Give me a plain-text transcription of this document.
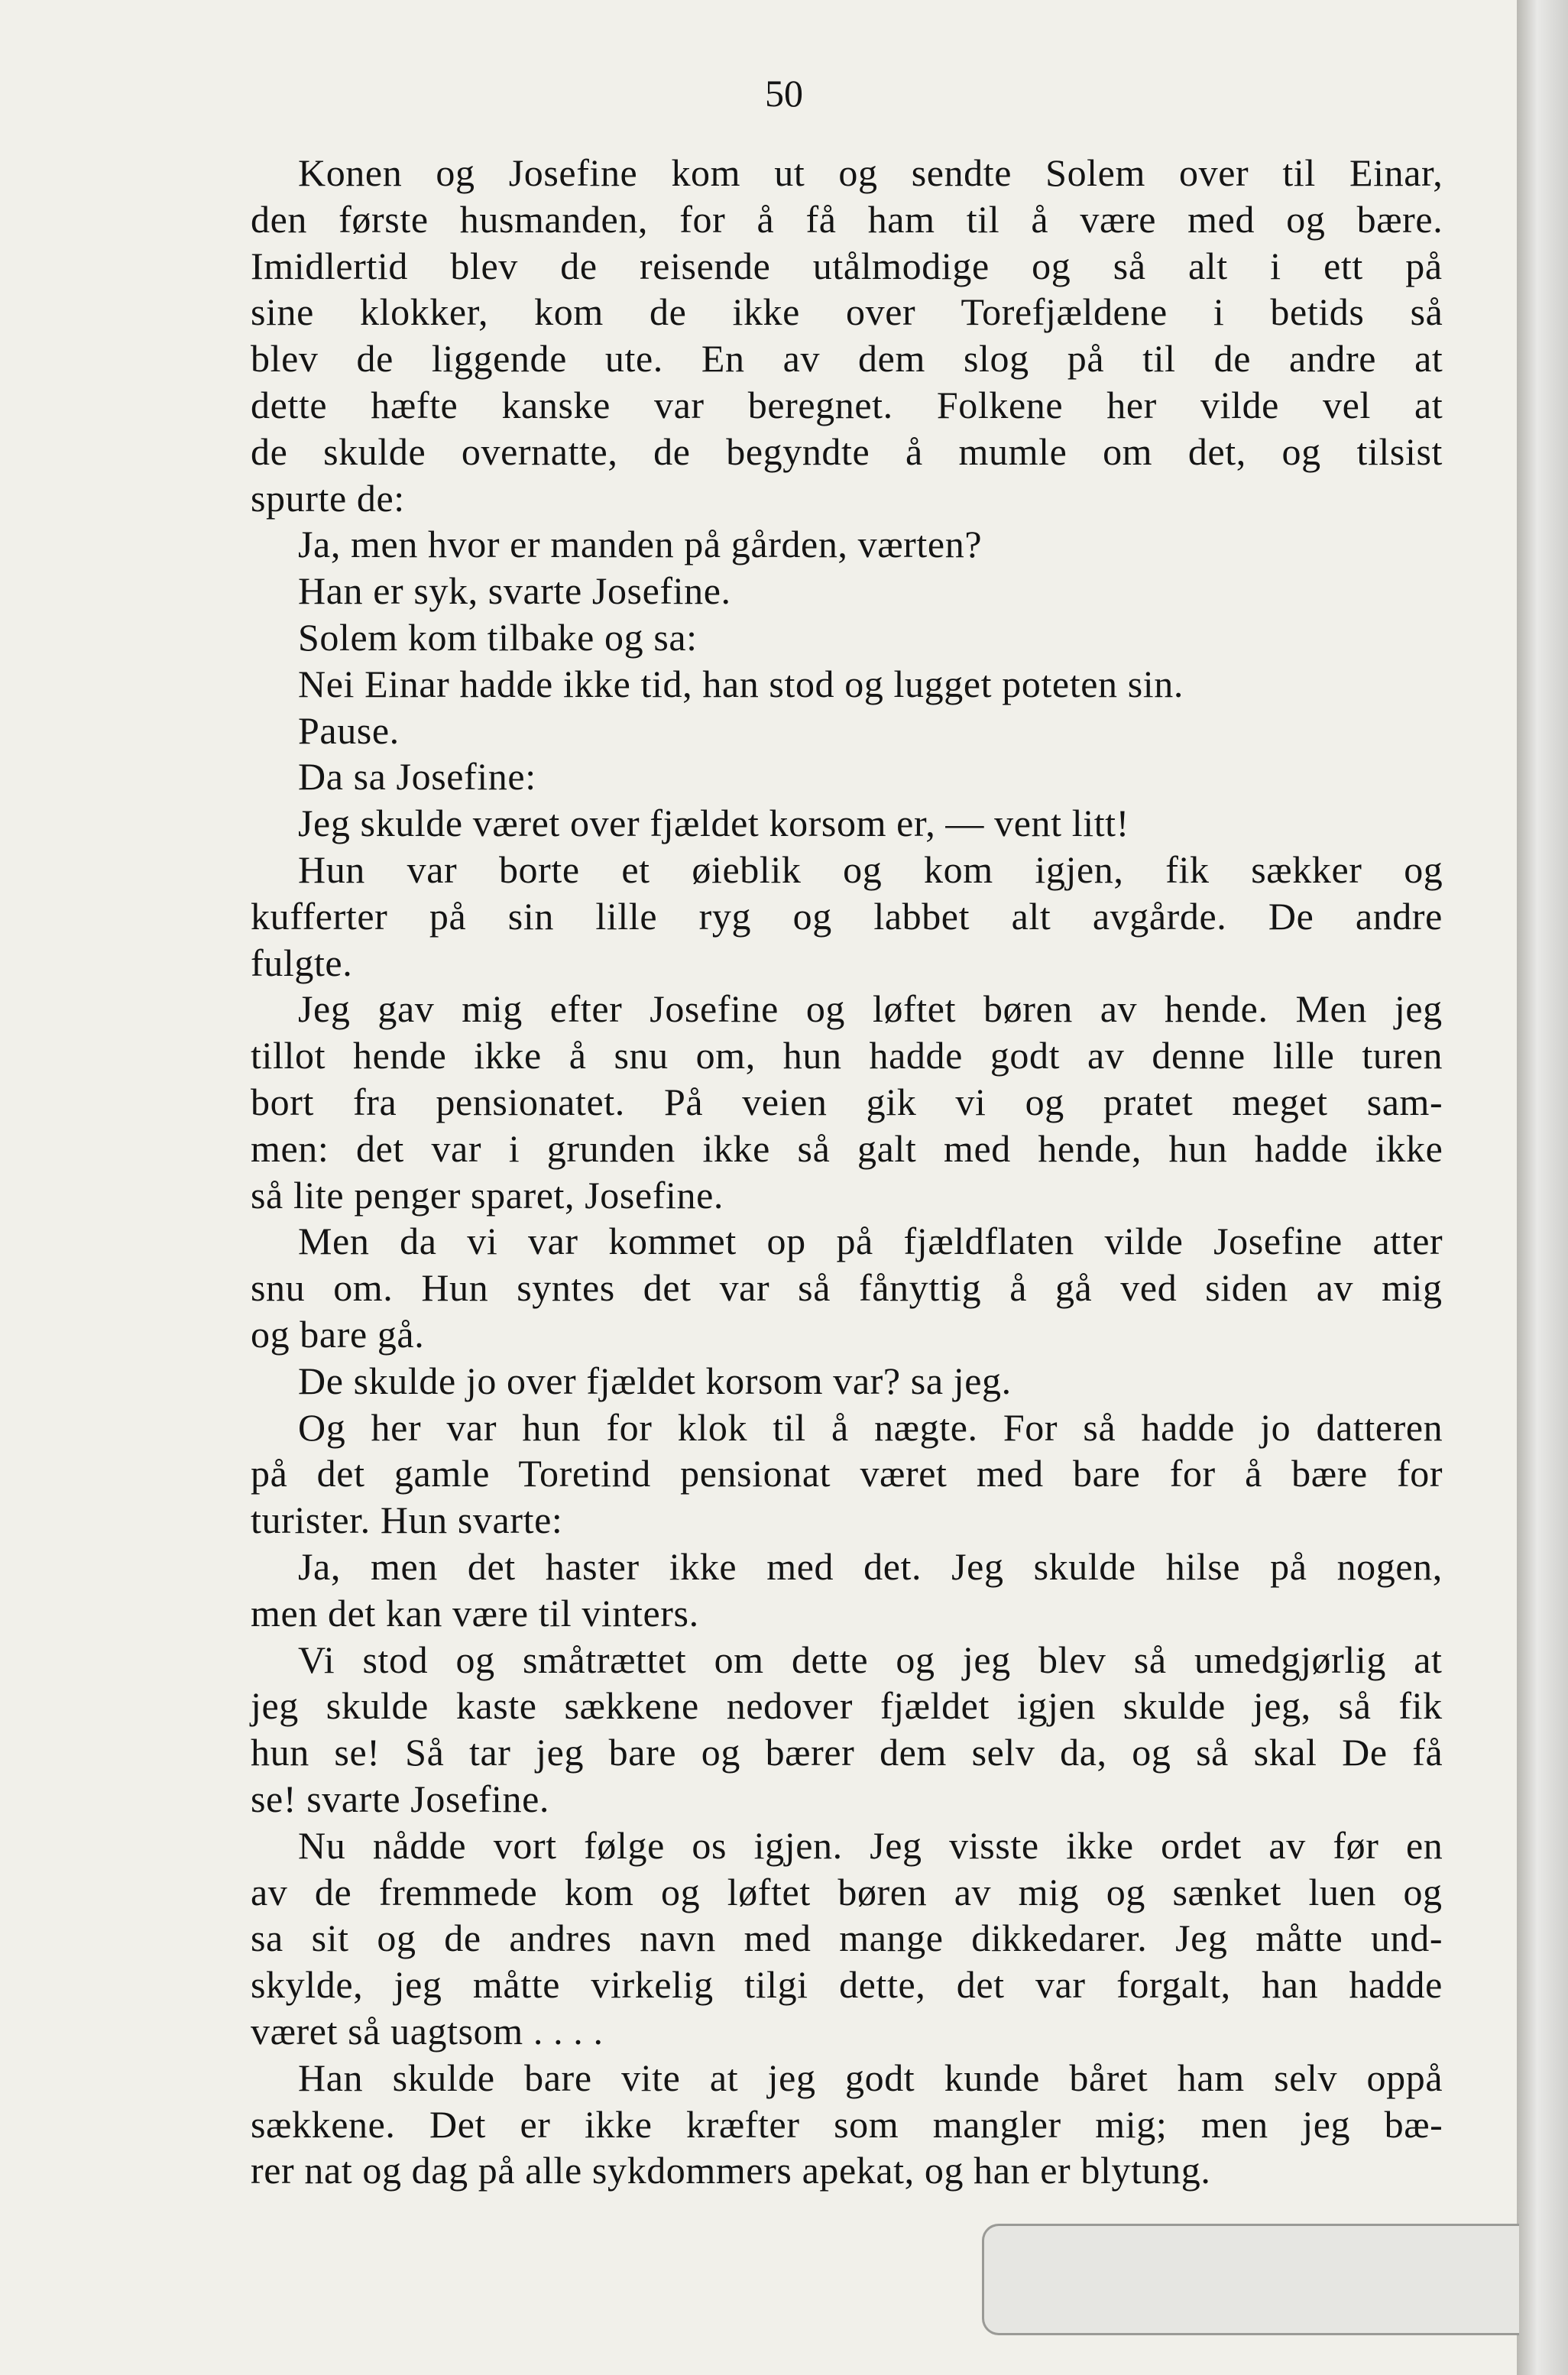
50
Konen og Josefine kom ut og sendte Solem over til Einar,
den første husmanden, for å få ham til å være med og bære.
Imidlertid blev de reisende utålmodige og så alt i ett på
sine klokker, kom de ikke over Torefjældene i betids så
blev de liggende ute. En av dem slog på til de andre at
dette hæfte kanske var beregnet. Folkene her vilde vel at
de skulde overnatte, de begyndte å mumle om det, og tilsist
spurte de:
Ja, men hvor er manden på gården, værten?
Han er syk, svarte Josefine.
Solem kom tilbake og sa:
Nei Einar hadde ikke tid, han stod og lugget poteten sin.
Pause.
Da sa Josefine:
Jeg skulde været over fjældet korsom er, — vent litt!
Hun var borte et øieblik og kom igjen, fik sækker og
kufferter på sin lille ryg og labbet alt avgårde. De andre
fulgte.
Jeg gav mig efter Josefine og løftet børen av hende. Men jeg
tillot hende ikke å snu om, hun hadde godt av denne lille turen
bort fra pensionatet. På veien gik vi og pratet meget sam-
men: det var i grunden ikke så galt med hende, hun hadde ikke
så lite penger sparet, Josefine.
Men da vi var kommet op på fjældflaten vilde Josefine atter
snu om. Hun syntes det var så fånyttig å gå ved siden av mig
og bare gå.
De skulde jo over fjældet korsom var? sa jeg.
Og her var hun for klok til å nægte. For så hadde jo datteren
på det gamle Toretind pensionat været med bare for å bære for
turister. Hun svarte:
Ja, men det haster ikke med det. Jeg skulde hilse på nogen,
men det kan være til vinters.
Vi stod og småtrættet om dette og jeg blev så umedgjørlig at
jeg skulde kaste sækkene nedover fjældet igjen skulde jeg, så fik
hun se! Så tar jeg bare og bærer dem selv da, og så skal De få
se! svarte Josefine.
Nu nådde vort følge os igjen. Jeg visste ikke ordet av før en
av de fremmede kom og løftet børen av mig og sænket luen og
sa sit og de andres navn med mange dikkedarer. Jeg måtte und-
skylde, jeg måtte virkelig tilgi dette, det var forgalt, han hadde
været så uagtsom . . . .
Han skulde bare vite at jeg godt kunde båret ham selv oppå
sækkene. Det er ikke kræfter som mangler mig; men jeg bæ-
rer nat og dag på alle sykdommers apekat, og han er blytung.
